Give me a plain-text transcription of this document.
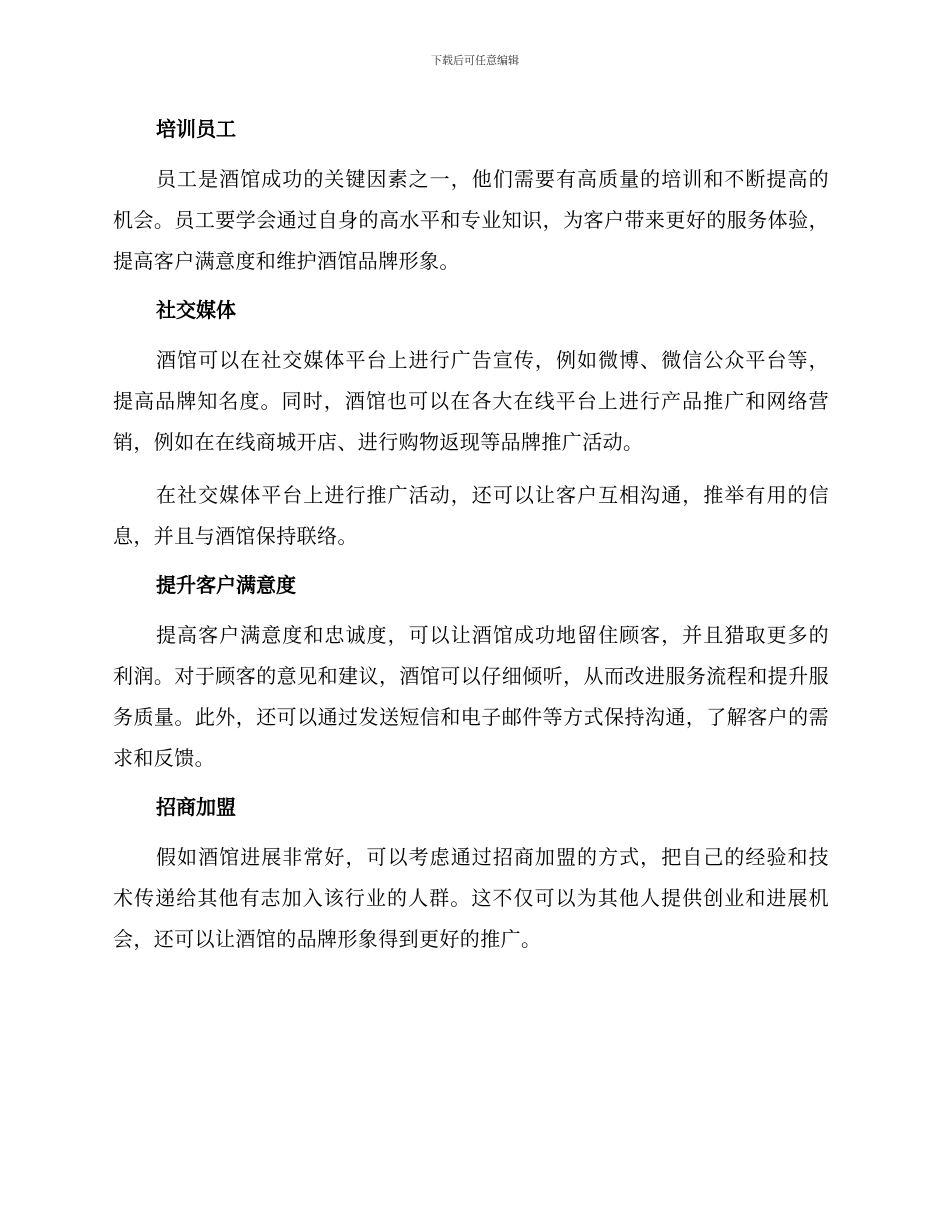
下载后可任意编辑
培训员工

员工是酒馆成功的关键因素之一，他们需要有高质量的培训和不断提高的机会。员工要学会通过自身的高水平和专业知识，为客户带来更好的服务体验，提高客户满意度和维护酒馆品牌形象。

社交媒体

酒馆可以在社交媒体平台上进行广告宣传，例如微博、微信公众平台等，提高品牌知名度。同时，酒馆也可以在各大在线平台上进行产品推广和网络营销，例如在在线商城开店、进行购物返现等品牌推广活动。

在社交媒体平台上进行推广活动，还可以让客户互相沟通，推举有用的信息，并且与酒馆保持联络。

提升客户满意度

提高客户满意度和忠诚度，可以让酒馆成功地留住顾客，并且猎取更多的利润。对于顾客的意见和建议，酒馆可以仔细倾听，从而改进服务流程和提升服务质量。此外，还可以通过发送短信和电子邮件等方式保持沟通，了解客户的需求和反馈。

招商加盟

假如酒馆进展非常好，可以考虑通过招商加盟的方式，把自己的经验和技术传递给其他有志加入该行业的人群。这不仅可以为其他人提供创业和进展机会，还可以让酒馆的品牌形象得到更好的推广。
